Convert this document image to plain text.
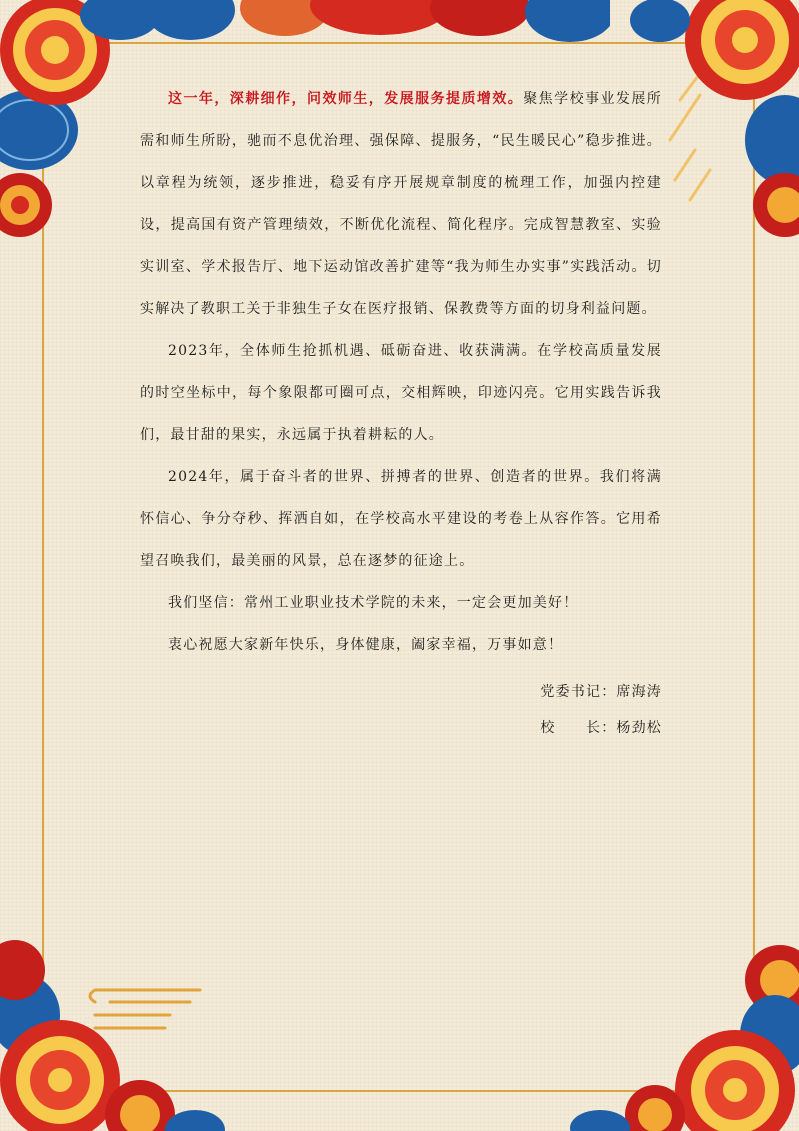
这一年，深耕细作，问效师生，发展服务提质增效。聚焦学校事业发展所需和师生所盼，驰而不息优治理、强保障、提服务，“民生暖民心”稳步推进。以章程为统领，逐步推进，稳妥有序开展规章制度的梳理工作，加强内控建设，提高国有资产管理绩效，不断优化流程、简化程序。完成智慧教室、实验实训室、学术报告厅、地下运动馆改善扩建等“我为师生办实事”实践活动。切实解决了教职工关于非独生子女在医疗报销、保教费等方面的切身利益问题。

2023年，全体师生抢抓机遇、砥砺奋进、收获满满。在学校高质量发展的时空坐标中，每个象限都可圈可点，交相辉映，印迹闪亮。它用实践告诉我们，最甘甜的果实，永远属于执着耕耘的人。

2024年，属于奋斗者的世界、拼搏者的世界、创造者的世界。我们将满怀信心、争分夺秒、挥洒自如，在学校高水平建设的考卷上从容作答。它用希望召唤我们，最美丽的风景，总在逐梦的征途上。

我们坚信：常州工业职业技术学院的未来，一定会更加美好！

衷心祝愿大家新年快乐，身体健康，阖家幸福，万事如意！

党委书记：席海涛

校　　长：杨劲松
